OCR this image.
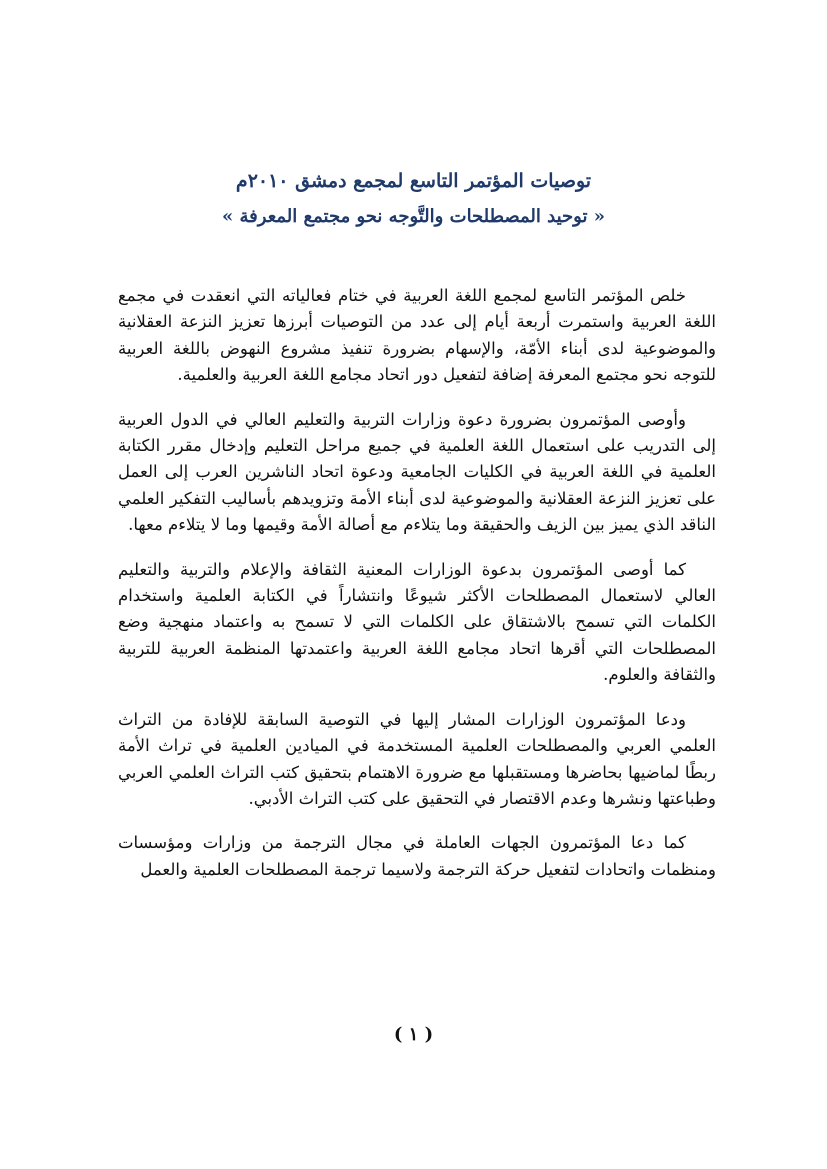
توصيات المؤتمر التاسع لمجمع دمشق ٢٠١٠م

« توحيد المصطلحات والتَّوجه نحو مجتمع المعرفة »

خلص المؤتمر التاسع لمجمع اللغة العربية في ختام فعالياته التي انعقدت في مجمع اللغة العربية واستمرت أربعة أيام إلى عدد من التوصيات أبرزها تعزيز النزعة العقلانية والموضوعية لدى أبناء الأمّة، والإسهام بضرورة تنفيذ مشروع النهوض باللغة العربية للتوجه نحو مجتمع المعرفة إضافة لتفعيل دور اتحاد مجامع اللغة العربية والعلمية.

وأوصى المؤتمرون بضرورة دعوة وزارات التربية والتعليم العالي في الدول العربية إلى التدريب على استعمال اللغة العلمية في جميع مراحل التعليم وإدخال مقرر الكتابة العلمية في اللغة العربية في الكليات الجامعية ودعوة اتحاد الناشرين العرب إلى العمل على تعزيز النزعة العقلانية والموضوعية لدى أبناء الأمة وتزويدهم بأساليب التفكير العلمي الناقد الذي يميز بين الزيف والحقيقة وما يتلاءم مع أصالة الأمة وقيمها وما لا يتلاءم معها.

كما أوصى المؤتمرون بدعوة الوزارات المعنية الثقافة والإعلام والتربية والتعليم العالي لاستعمال المصطلحات الأكثر شيوعًا وانتشاراً في الكتابة العلمية واستخدام الكلمات التي تسمح بالاشتقاق على الكلمات التي لا تسمح به واعتماد منهجية وضع المصطلحات التي أقرها اتحاد مجامع اللغة العربية واعتمدتها المنظمة العربية للتربية والثقافة والعلوم.

ودعا المؤتمرون الوزارات المشار إليها في التوصية السابقة للإفادة من التراث العلمي العربي والمصطلحات العلمية المستخدمة في الميادين العلمية في تراث الأمة ربطًا لماضيها بحاضرها ومستقبلها مع ضرورة الاهتمام بتحقيق كتب التراث العلمي العربي وطباعتها ونشرها وعدم الاقتصار في التحقيق على كتب التراث الأدبي.

كما دعا المؤتمرون الجهات العاملة في مجال الترجمة من وزارات ومؤسسات ومنظمات واتحادات لتفعيل حركة الترجمة ولاسيما ترجمة المصطلحات العلمية والعمل

( ١ )
